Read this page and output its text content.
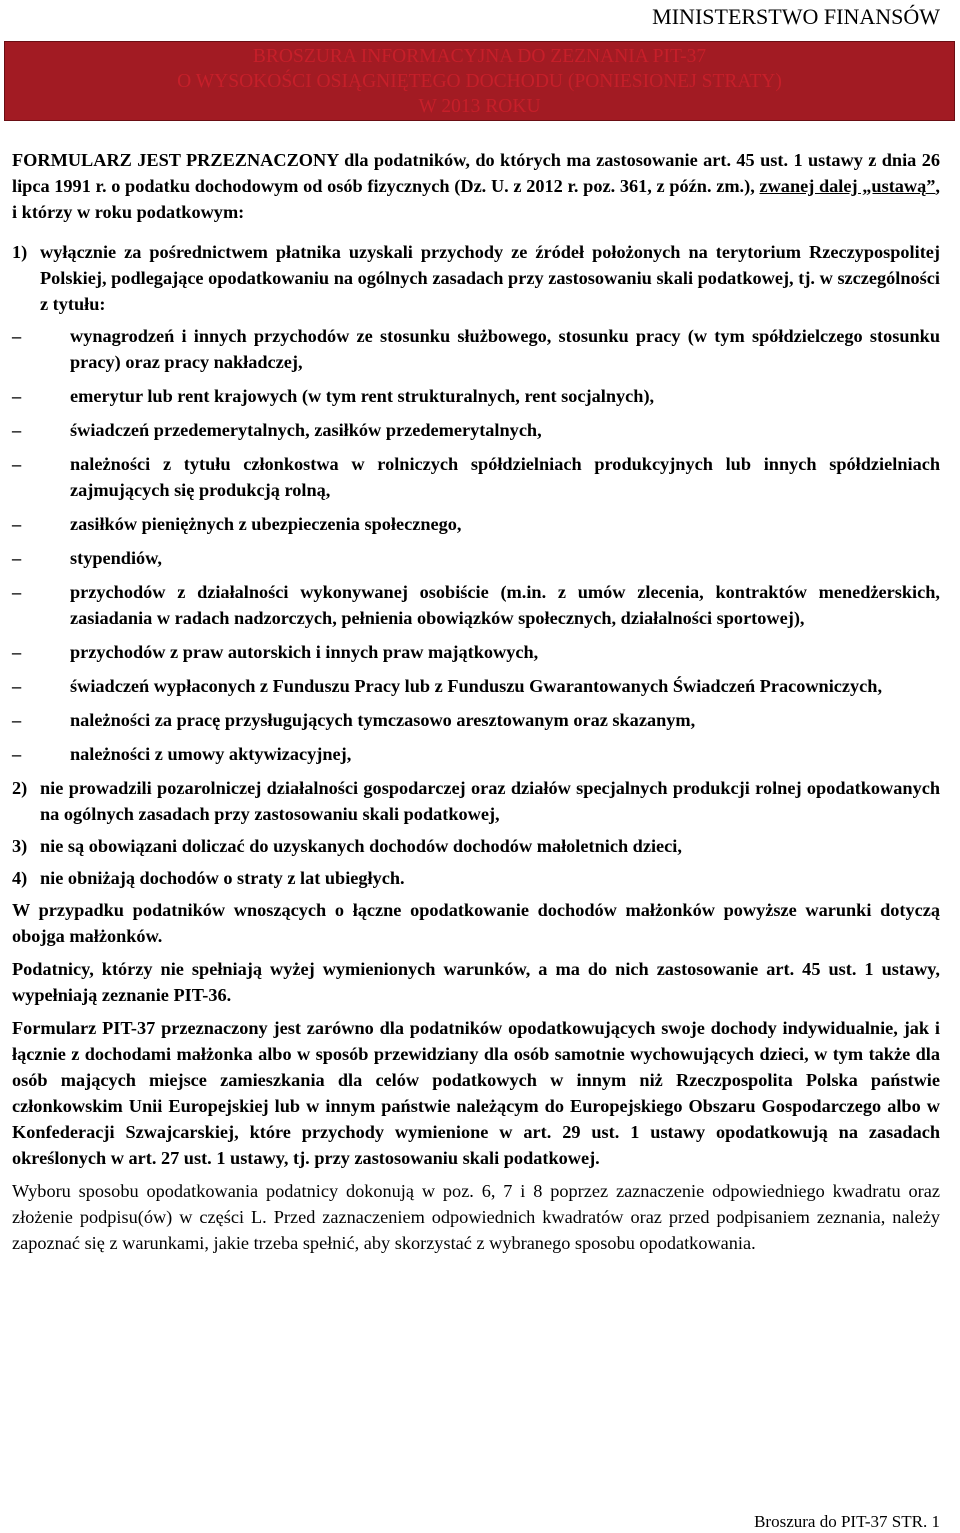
MINISTERSTWO FINANSÓW
BROSZURA INFORMACYJNA DO ZEZNANIA PIT-37
O WYSOKOŚCI OSIĄGNIĘTEGO DOCHODU (PONIESIONEJ STRATY)
W 2013 ROKU

FORMULARZ JEST PRZEZNACZONY dla podatników, do których ma zastosowanie art. 45 ust. 1 ustawy z dnia 26 lipca 1991 r. o podatku dochodowym od osób fizycznych (Dz. U. z 2012 r. poz. 361, z późn. zm.), zwanej dalej „ustawą”, i którzy w roku podatkowym:

1) wyłącznie za pośrednictwem płatnika uzyskali przychody ze źródeł położonych na terytorium Rzeczypospolitej Polskiej, podlegające opodatkowaniu na ogólnych zasadach przy zastosowaniu skali podatkowej, tj. w szczególności z tytułu:
–	wynagrodzeń i innych przychodów ze stosunku służbowego, stosunku pracy (w tym spółdzielczego stosunku pracy) oraz pracy nakładczej,
–	emerytur lub rent krajowych (w tym rent strukturalnych, rent socjalnych),
–	świadczeń przedemerytalnych, zasiłków przedemerytalnych,
–	należności z tytułu członkostwa w rolniczych spółdzielniach produkcyjnych lub innych spółdzielniach zajmujących się produkcją rolną,
–	zasiłków pieniężnych z ubezpieczenia społecznego,
–	stypendiów,
–	przychodów z działalności wykonywanej osobiście (m.in. z umów zlecenia, kontraktów menedżerskich, zasiadania w radach nadzorczych, pełnienia obowiązków społecznych, działalności sportowej),
–	przychodów z praw autorskich i innych praw majątkowych,
–	świadczeń wypłaconych z Funduszu Pracy lub z Funduszu Gwarantowanych Świadczeń Pracowniczych,
–	należności za pracę przysługujących tymczasowo aresztowanym oraz skazanym,
–	należności z umowy aktywizacyjnej,
2) nie prowadzili pozarolniczej działalności gospodarczej oraz działów specjalnych produkcji rolnej opodatkowanych na ogólnych zasadach przy zastosowaniu skali podatkowej,
3) nie są obowiązani doliczać do uzyskanych dochodów dochodów małoletnich dzieci,
4) nie obniżają dochodów o straty z lat ubiegłych.

W przypadku podatników wnoszących o łączne opodatkowanie dochodów małżonków powyższe warunki dotyczą obojga małżonków.

Podatnicy, którzy nie spełniają wyżej wymienionych warunków, a ma do nich zastosowanie art. 45 ust. 1 ustawy, wypełniają zeznanie PIT-36.

Formularz PIT-37 przeznaczony jest zarówno dla podatników opodatkowujących swoje dochody indywidualnie, jak i łącznie z dochodami małżonka albo w sposób przewidziany dla osób samotnie wychowujących dzieci, w tym także dla osób mających miejsce zamieszkania dla celów podatkowych w innym niż Rzeczpospolita Polska państwie członkowskim Unii Europejskiej lub w innym państwie należącym do Europejskiego Obszaru Gospodarczego albo w Konfederacji Szwajcarskiej, które przychody wymienione w art. 29 ust. 1 ustawy opodatkowują na zasadach określonych w art. 27 ust. 1 ustawy, tj. przy zastosowaniu skali podatkowej.

Wyboru sposobu opodatkowania podatnicy dokonują w poz. 6, 7 i 8 poprzez zaznaczenie odpowiedniego kwadratu oraz złożenie podpisu(ów) w części L. Przed zaznaczeniem odpowiednich kwadratów oraz przed podpisaniem zeznania, należy zapoznać się z warunkami, jakie trzeba spełnić, aby skorzystać z wybranego sposobu opodatkowania.

Broszura do PIT-37 STR. 1
